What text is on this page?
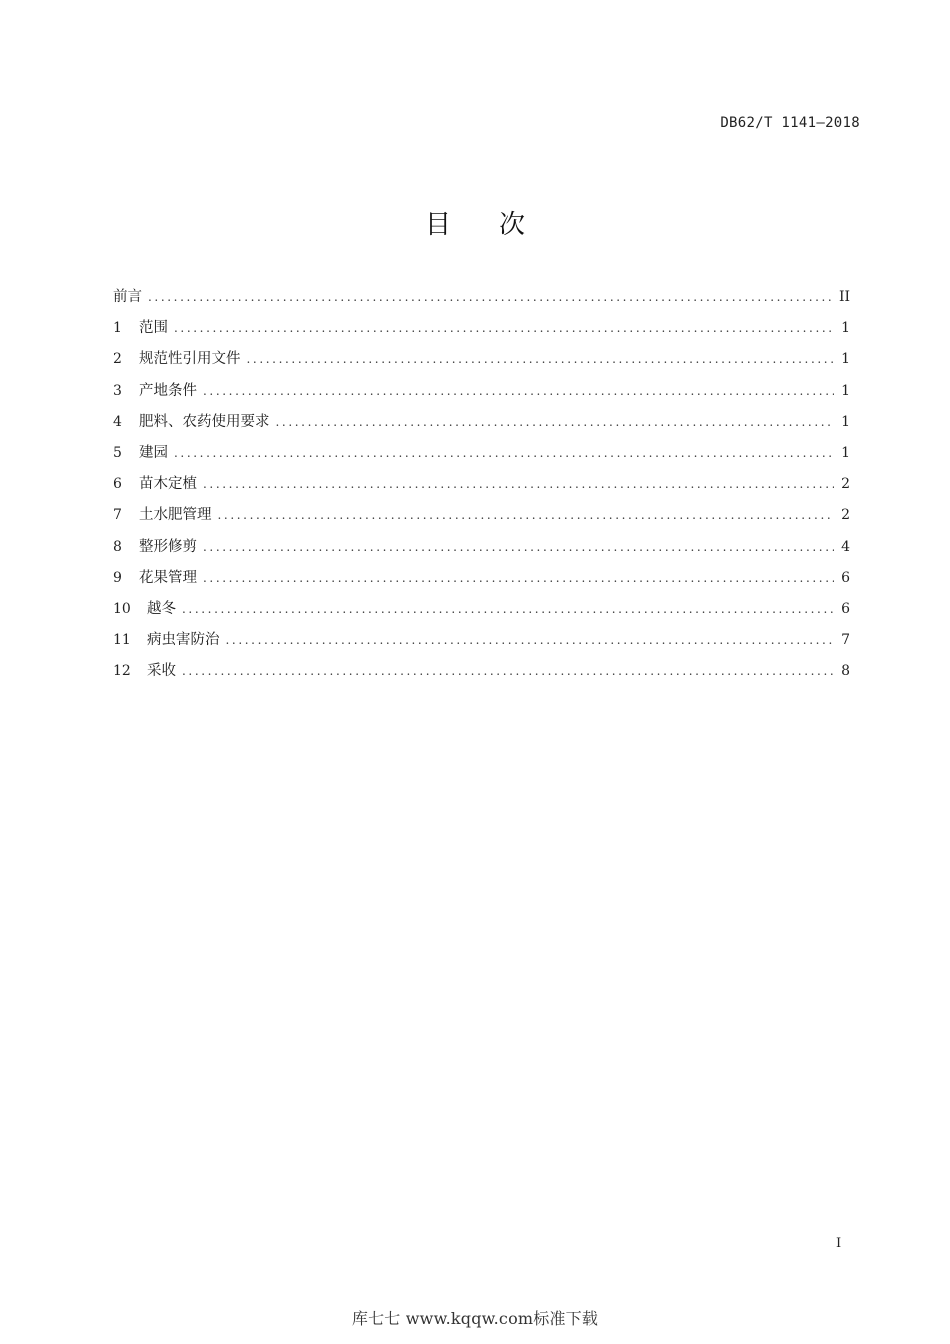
DB62/T 1141—2018
目 次
前言 .....	II
1	范围 .....	1
2	规范性引用文件 .....	1
3	产地条件 .....	1
4	肥料、农药使用要求 .....	1
5	建园 .....	1
6	苗木定植 .....	2
7	土水肥管理 .....	2
8	整形修剪 .....	4
9	花果管理 .....	6
10	越冬 .....	6
11	病虫害防治 .....	7
12	采收 .....	8
I
库七七 www.kqqw.com标准下载
